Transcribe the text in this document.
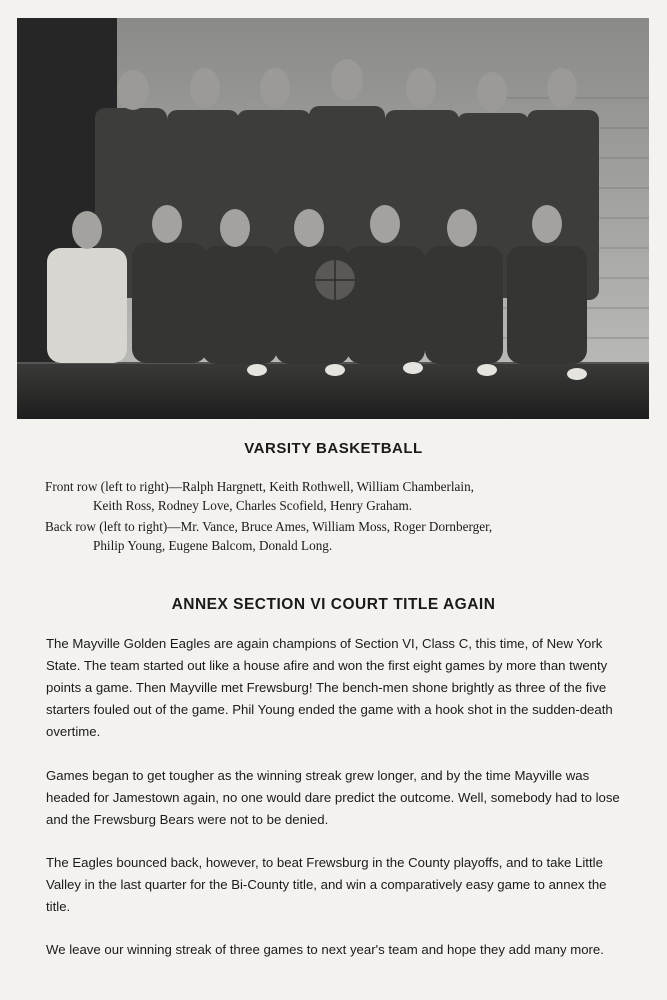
VARSITY BASKETBALL

Front row (left to right)—Ralph Hargnett, Keith Rothwell, William Chamberlain,
Keith Ross, Rodney Love, Charles Scofield, Henry Graham.

Back row (left to right)—Mr. Vance, Bruce Ames, William Moss, Roger Dornberger,
Philip Young, Eugene Balcom, Donald Long.

ANNEX SECTION VI COURT TITLE AGAIN

The Mayville Golden Eagles are again champions of Section VI, Class C, this time, of New York State. The team started out like a house afire and won the first eight games by more than twenty points a game. Then Mayville met Frewsburg! The bench-men shone brightly as three of the five starters fouled out of the game. Phil Young ended the game with a hook shot in the sudden-death overtime.

Games began to get tougher as the winning streak grew longer, and by the time Mayville was headed for Jamestown again, no one would dare predict the outcome. Well, somebody had to lose and the Frewsburg Bears were not to be denied.

The Eagles bounced back, however, to beat Frewsburg in the County playoffs, and to take Little Valley in the last quarter for the Bi-County title, and win a comparatively easy game to annex the title.

We leave our winning streak of three games to next year's team and hope they add many more.
